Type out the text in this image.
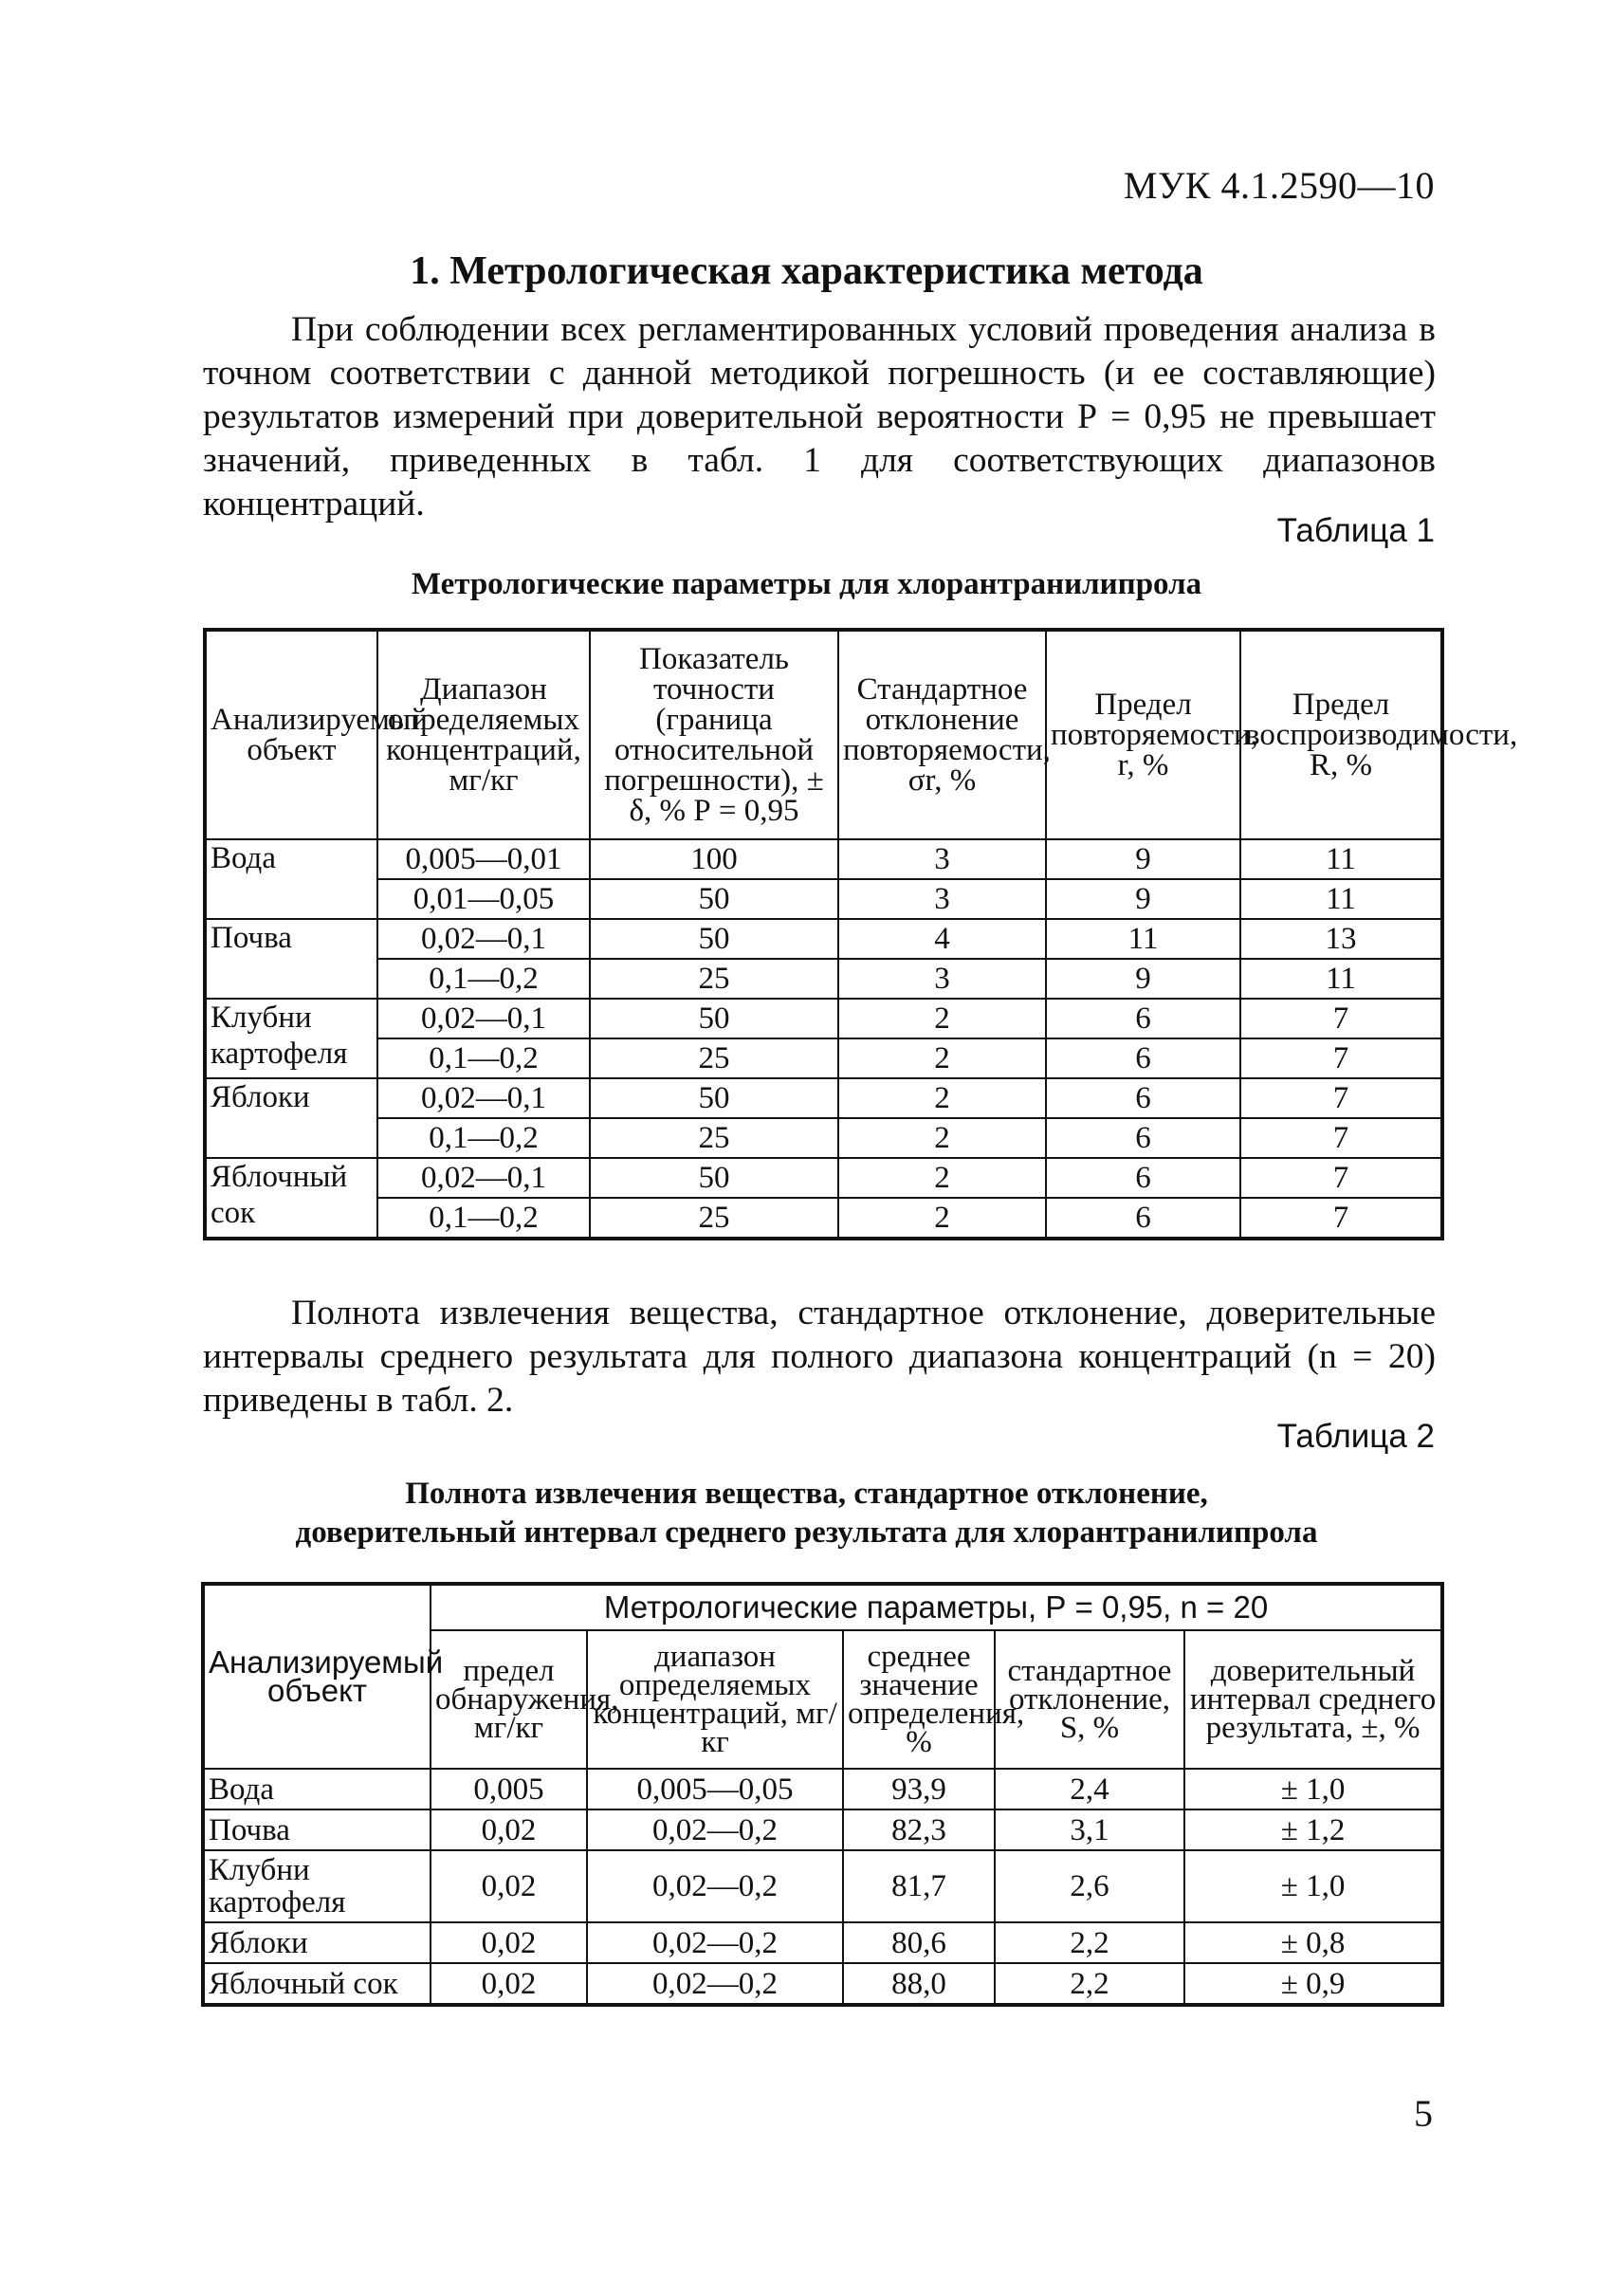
МУК 4.1.2590—10
1. Метрологическая характеристика метода

При соблюдении всех регламентированных условий проведения анализа в точном соответствии с данной методикой погрешность (и ее составляющие) результатов измерений при доверительной вероятности Р = 0,95 не превышает значений, приведенных в табл. 1 для соответствующих диапазонов концентраций.

Таблица 1
Метрологические параметры для хлорантранилипрола
Анализируемый объект	Диапазон определяемых концентраций, мг/кг	Показатель точности (граница относительной погрешности), ± δ, % Р = 0,95	Стандартное отклонение повторяемости, σr, %	Предел повторяемости, r, %	Предел воспроизводимости, R, %
Вода	0,005—0,01	100	3	9	11
	0,01—0,05	50	3	9	11
Почва	0,02—0,1	50	4	11	13
	0,1—0,2	25	3	9	11
Клубни картофеля	0,02—0,1	50	2	6	7
	0,1—0,2	25	2	6	7
Яблоки	0,02—0,1	50	2	6	7
	0,1—0,2	25	2	6	7
Яблочный сок	0,02—0,1	50	2	6	7
	0,1—0,2	25	2	6	7

Полнота извлечения вещества, стандартное отклонение, доверительные интервалы среднего результата для полного диапазона концентраций (n = 20) приведены в табл. 2.

Таблица 2
Полнота извлечения вещества, стандартное отклонение,
доверительный интервал среднего результата для хлорантранилипрола
Анализируемый объект	Метрологические параметры, Р = 0,95, n = 20				
	предел обнаружения, мг/кг	диапазон определяемых концентраций, мг/кг	среднее значение определения, %	стандартное отклонение, S, %	доверительный интервал среднего результата, ±, %
Вода	0,005	0,005—0,05	93,9	2,4	± 1,0
Почва	0,02	0,02—0,2	82,3	3,1	± 1,2
Клубни картофеля	0,02	0,02—0,2	81,7	2,6	± 1,0
Яблоки	0,02	0,02—0,2	80,6	2,2	± 0,8
Яблочный сок	0,02	0,02—0,2	88,0	2,2	± 0,9
5
